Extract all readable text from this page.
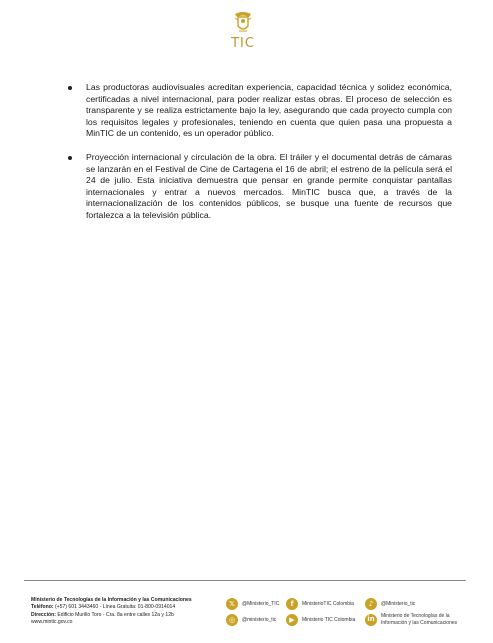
TIC
Las productoras audiovisuales acreditan experiencia, capacidad técnica y solidez económica, certificadas a nivel internacional, para poder realizar estas obras. El proceso de selección es transparente y se realiza estrictamente bajo la ley, asegurando que cada proyecto cumpla con los requisitos legales y profesionales, teniendo en cuenta que quien pasa una propuesta a MinTIC de un contenido, es un operador público.
Proyección internacional y circulación de la obra. El tráiler y el documental detrás de cámaras se lanzarán en el Festival de Cine de Cartagena el 16 de abril; el estreno de la película será el 24 de julio. Esta iniciativa demuestra que pensar en grande permite conquistar pantallas internacionales y entrar a nuevos mercados. MinTIC busca que, a través de la internacionalización de los contenidos públicos, se busque una fuente de recursos que fortalezca a la televisión pública.
Ministerio de Tecnologías de la Información y las Comunicaciones
Teléfono: (+57) 601 3443460 - Línea Gratuita: 01-800-0914014
Dirección: Edificio Murillo Toro - Cra. 8a entre calles 12a y 12b
www.mintic.gov.co
𝕏 @Ministerio_TIC f MinisterioTIC Colombia ♪ @Ministerio_tic
◎ @ministerio_tic ▶ Ministerio TIC Colombia in Ministerio de Tecnologías de la
Información y las Comunicaciones
